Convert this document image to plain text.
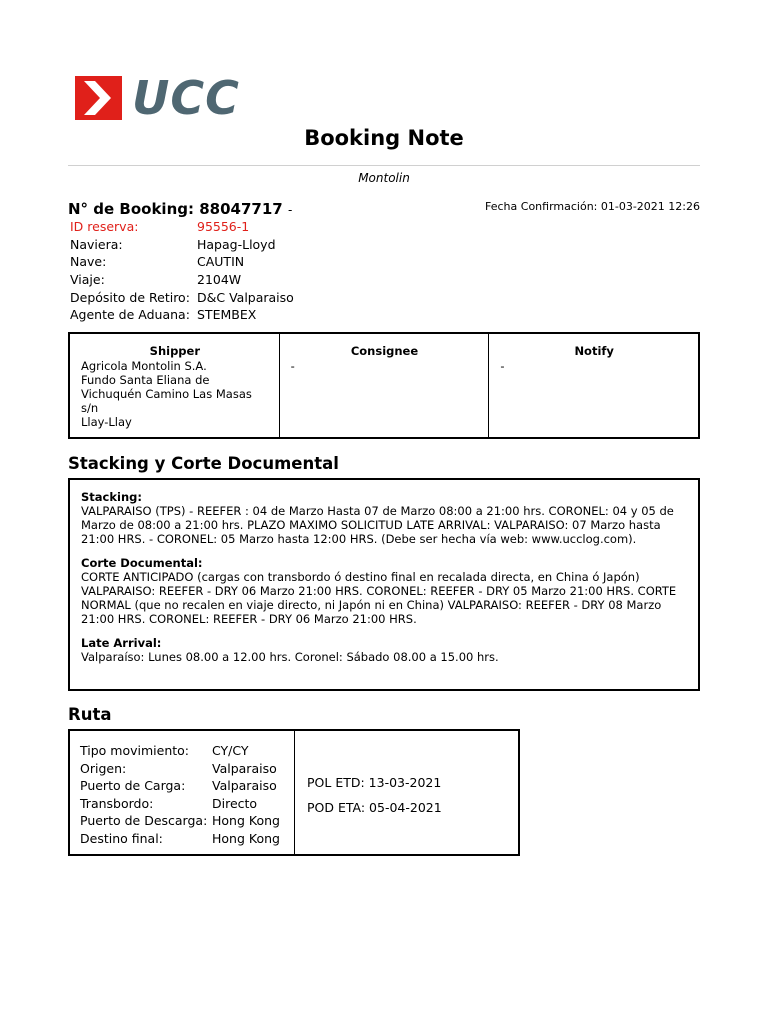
UCC
Booking Note
Montolin
N° de Booking: 88047717 -	Fecha Confirmación: 01-03-2021 12:26
ID reserva:	95556-1
Naviera:	Hapag-Lloyd
Nave:	CAUTIN
Viaje:	2104W
Depósito de Retiro:	D&C Valparaiso
Agente de Aduana:	STEMBEX
Shipper
Agricola Montolin S.A.
Fundo Santa Eliana de Vichuquén Camino Las Masas s/n
Llay-Llay
Consignee
-
Notify
-
Stacking y Corte Documental
Stacking:
VALPARAISO (TPS) - REEFER : 04 de Marzo Hasta 07 de Marzo 08:00 a 21:00 hrs. CORONEL: 04 y 05 de Marzo de 08:00 a 21:00 hrs. PLAZO MAXIMO SOLICITUD LATE ARRIVAL: VALPARAISO: 07 Marzo hasta 21:00 HRS. - CORONEL: 05 Marzo hasta 12:00 HRS. (Debe ser hecha vía web: www.ucclog.com).
Corte Documental:
CORTE ANTICIPADO (cargas con transbordo ó destino final en recalada directa, en China ó Japón) VALPARAISO: REEFER - DRY 06 Marzo 21:00 HRS. CORONEL: REEFER - DRY 05 Marzo 21:00 HRS. CORTE NORMAL (que no recalen en viaje directo, ni Japón ni en China) VALPARAISO: REEFER - DRY 08 Marzo 21:00 HRS. CORONEL: REEFER - DRY 06 Marzo 21:00 HRS.
Late Arrival:
Valparaíso: Lunes 08.00 a 12.00 hrs. Coronel: Sábado 08.00 a 15.00 hrs.
Ruta
Tipo movimiento:	CY/CY
Origen:	Valparaiso
Puerto de Carga:	Valparaiso
Transbordo:	Directo
Puerto de Descarga:	Hong Kong
Destino final:	Hong Kong
POL ETD: 13-03-2021
POD ETA: 05-04-2021
